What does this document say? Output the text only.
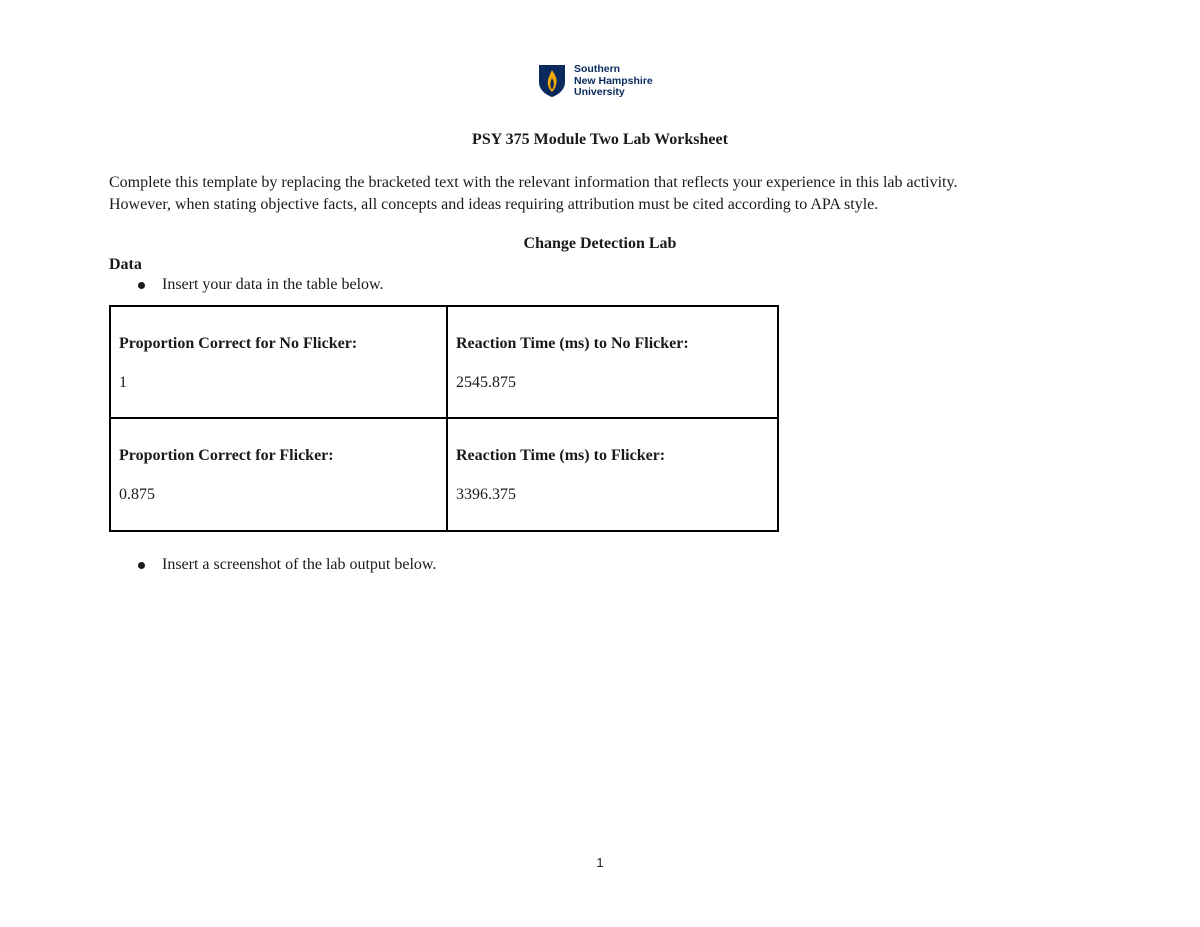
Southern
New Hampshire
University
PSY 375 Module Two Lab Worksheet
Complete this template by replacing the bracketed text with the relevant information that reflects your experience in this lab activity.
However, when stating objective facts, all concepts and ideas requiring attribution must be cited according to APA style.
Change Detection Lab
Data
Insert your data in the table below.
Proportion Correct for No Flicker:
1
Reaction Time (ms) to No Flicker:
2545.875
Proportion Correct for Flicker:
0.875
Reaction Time (ms) to Flicker:
3396.375
Insert a screenshot of the lab output below.
1
